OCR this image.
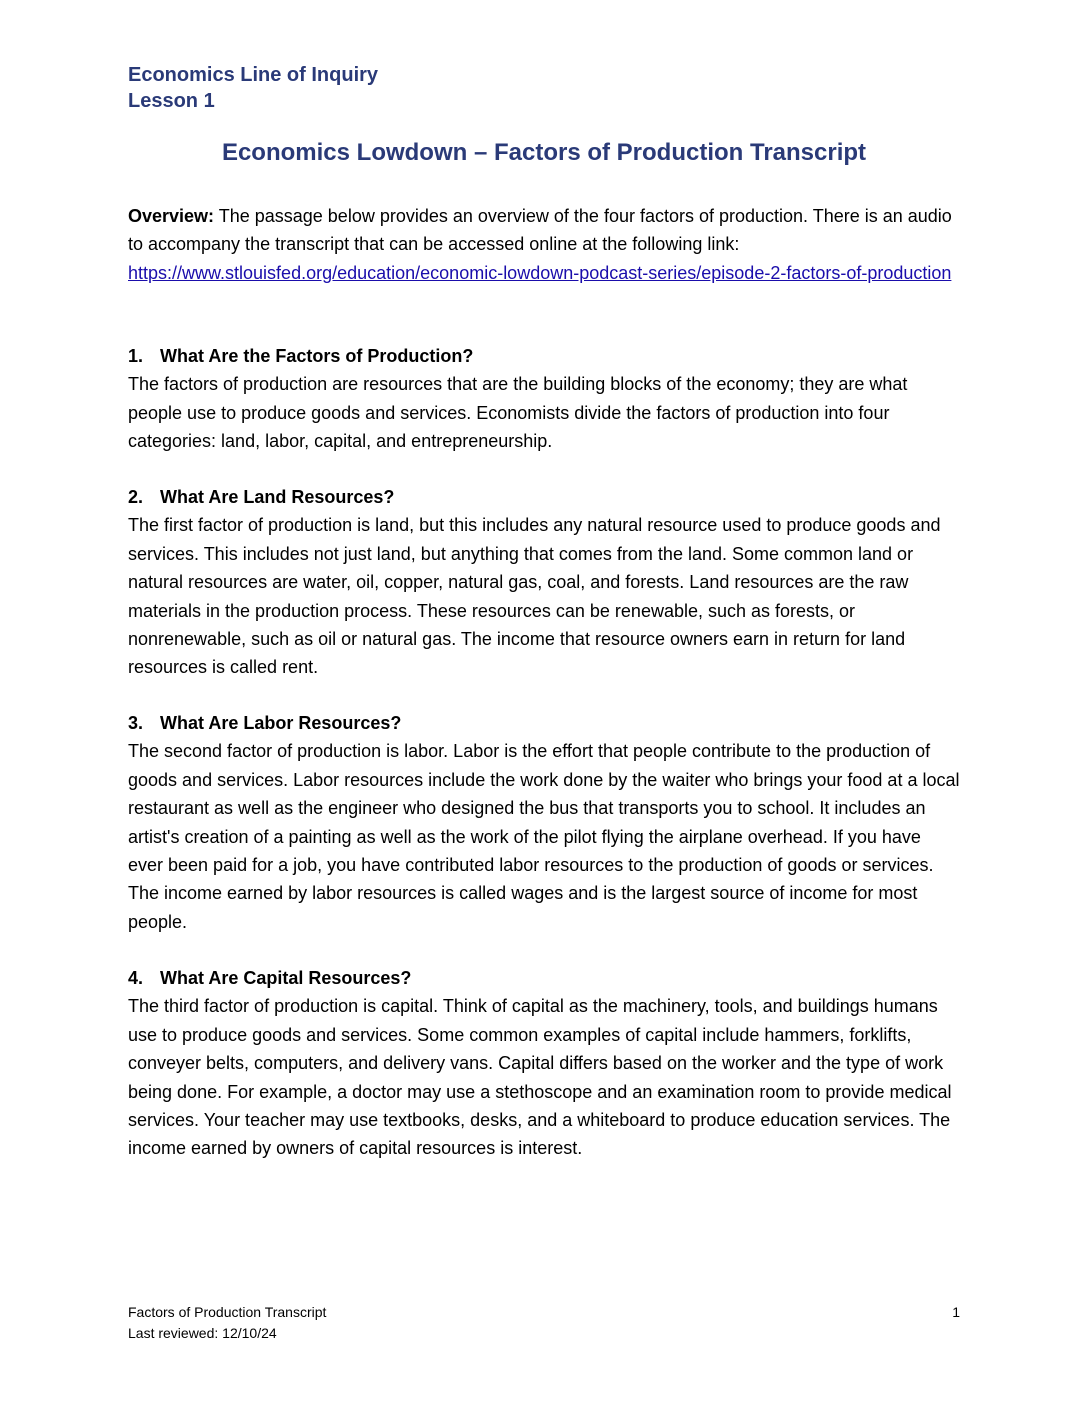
Economics Line of Inquiry

Lesson 1

Economics Lowdown – Factors of Production Transcript

Overview: The passage below provides an overview of the four factors of production. There is an audio to accompany the transcript that can be accessed online at the following link:
https://www.stlouisfed.org/education/economic-lowdown-podcast-series/episode-2-factors-of-production

1. What Are the Factors of Production?

The factors of production are resources that are the building blocks of the economy; they are what people use to produce goods and services. Economists divide the factors of production into four categories: land, labor, capital, and entrepreneurship.

2. What Are Land Resources?

The first factor of production is land, but this includes any natural resource used to produce goods and services. This includes not just land, but anything that comes from the land. Some common land or natural resources are water, oil, copper, natural gas, coal, and forests. Land resources are the raw materials in the production process. These resources can be renewable, such as forests, or nonrenewable, such as oil or natural gas. The income that resource owners earn in return for land resources is called rent.

3. What Are Labor Resources?

The second factor of production is labor. Labor is the effort that people contribute to the production of goods and services. Labor resources include the work done by the waiter who brings your food at a local restaurant as well as the engineer who designed the bus that transports you to school. It includes an artist's creation of a painting as well as the work of the pilot flying the airplane overhead. If you have ever been paid for a job, you have contributed labor resources to the production of goods or services. The income earned by labor resources is called wages and is the largest source of income for most people.

4. What Are Capital Resources?

The third factor of production is capital. Think of capital as the machinery, tools, and buildings humans use to produce goods and services. Some common examples of capital include hammers, forklifts, conveyer belts, computers, and delivery vans. Capital differs based on the worker and the type of work being done. For example, a doctor may use a stethoscope and an examination room to provide medical services. Your teacher may use textbooks, desks, and a whiteboard to produce education services. The income earned by owners of capital resources is interest.

Factors of Production Transcript
Last reviewed: 12/10/24
1
